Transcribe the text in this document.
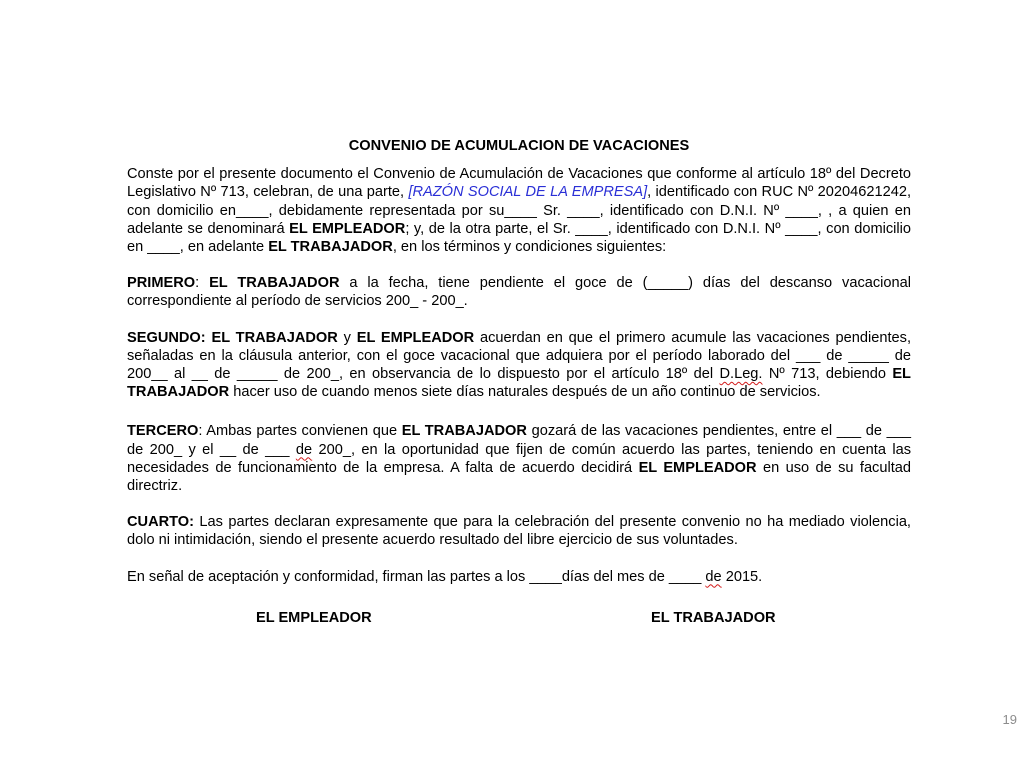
CONVENIO DE ACUMULACION DE VACACIONES

Conste por el presente documento el Convenio de Acumulación de Vacaciones que conforme al artículo 18º del Decreto Legislativo Nº 713, celebran, de una parte, [RAZÓN SOCIAL DE LA EMPRESA], identificado con RUC Nº 20204621242, con domicilio en____, debidamente representada por su____ Sr. ____, identificado con D.N.I. Nº ____, , a quien en adelante se denominará EL EMPLEADOR; y, de la otra parte, el Sr. ____, identificado con D.N.I. Nº ____, con domicilio en ____, en adelante EL TRABAJADOR, en los términos y condiciones siguientes:

PRIMERO: EL TRABAJADOR a la fecha, tiene pendiente el goce de (_____) días del descanso vacacional correspondiente al período de servicios 200_ - 200_.

SEGUNDO: EL TRABAJADOR y EL EMPLEADOR acuerdan en que el primero acumule las vacaciones pendientes, señaladas en la cláusula anterior, con el goce vacacional que adquiera por el período laborado del ___ de _____ de 200__ al __ de _____ de 200_, en observancia de lo dispuesto por el artículo 18º del D.Leg. Nº 713, debiendo EL TRABAJADOR hacer uso de cuando menos siete días naturales después de un año continuo de servicios.

TERCERO: Ambas partes convienen que EL TRABAJADOR gozará de las vacaciones pendientes, entre el ___ de ___ de 200_ y el __ de ___ de 200_, en la oportunidad que fijen de común acuerdo las partes, teniendo en cuenta las necesidades de funcionamiento de la empresa. A falta de acuerdo decidirá EL EMPLEADOR en uso de su facultad directriz.

CUARTO: Las partes declaran expresamente que para la celebración del presente convenio no ha mediado violencia, dolo ni intimidación, siendo el presente acuerdo resultado del libre ejercicio de sus voluntades.

En señal de aceptación y conformidad, firman las partes a los ____días del mes de ____ de 2015.

EL EMPLEADOR	EL TRABAJADOR
19
